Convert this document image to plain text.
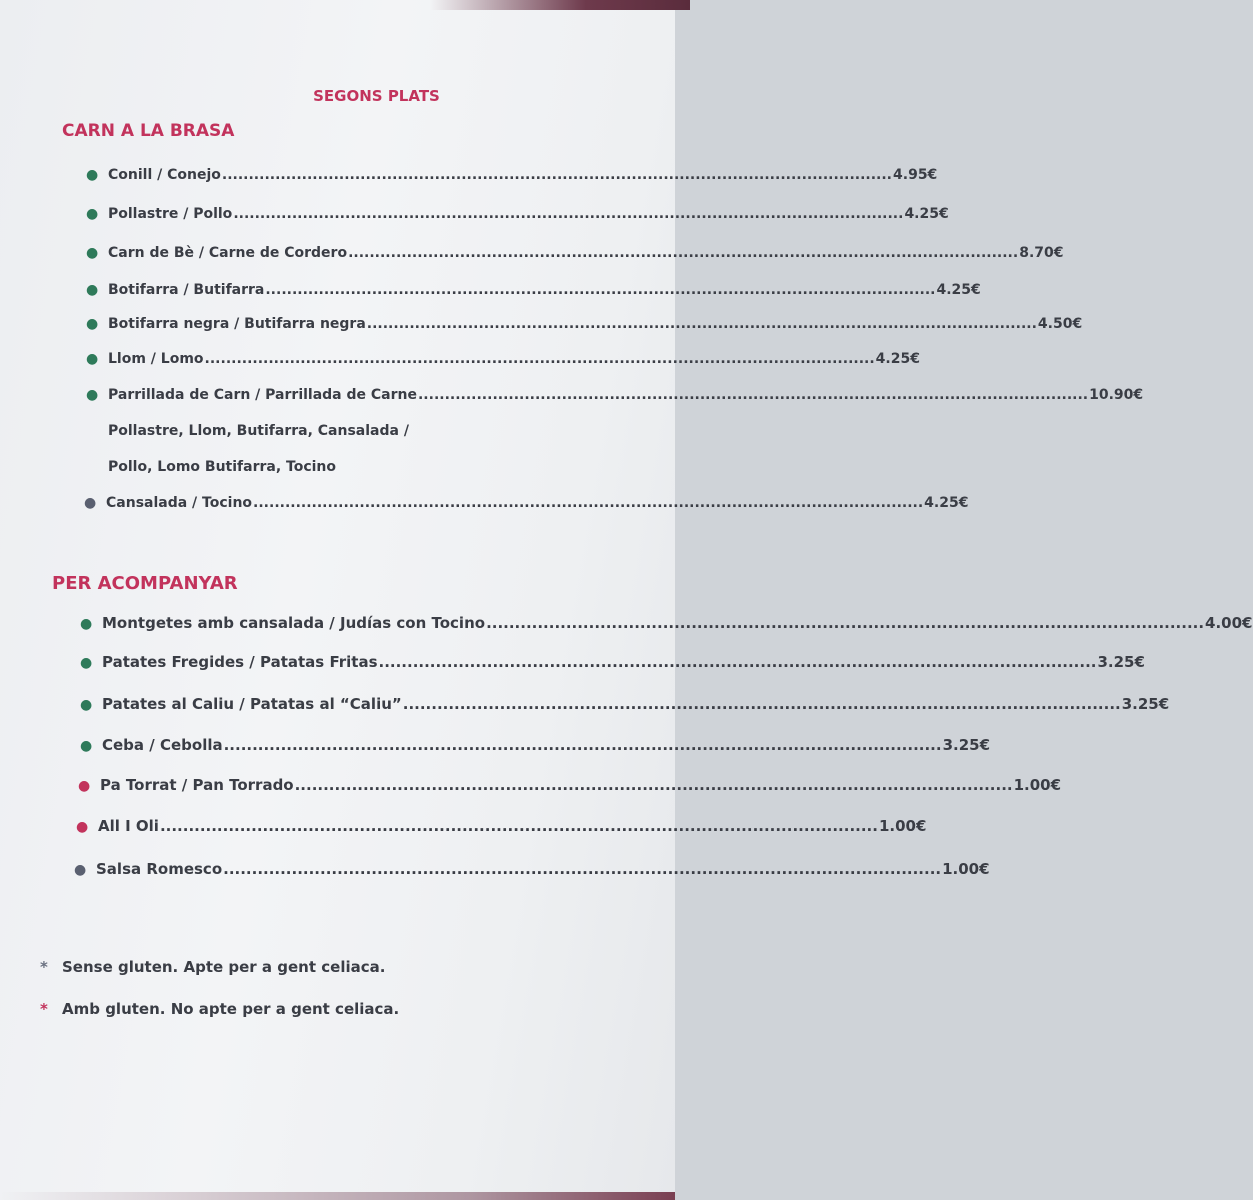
SEGONS PLATS
CARN A LA BRASA
● Conill / Conejo .............................................................................................................................. 4.95€
● Pollastre / Pollo .............................................................................................................................. 4.25€
● Carn de Bè / Carne de Cordero .............................................................................................................................. 8.70€
● Botifarra / Butifarra .............................................................................................................................. 4.25€
● Botifarra negra / Butifarra negra .............................................................................................................................. 4.50€
● Llom / Lomo .............................................................................................................................. 4.25€
● Parrillada de Carn / Parrillada de Carne .............................................................................................................................. 10.90€
Pollastre, Llom, Butifarra, Cansalada /
Pollo, Lomo Butifarra, Tocino
● Cansalada / Tocino .............................................................................................................................. 4.25€
PER ACOMPANYAR
● Montgetes amb cansalada / Judías con Tocino .............................................................................................................................. 4.00€
● Patates Fregides / Patatas Fritas .............................................................................................................................. 3.25€
● Patates al Caliu / Patatas al “Caliu” .............................................................................................................................. 3.25€
● Ceba / Cebolla .............................................................................................................................. 3.25€
● Pa Torrat / Pan Torrado .............................................................................................................................. 1.00€
● All I Oli .............................................................................................................................. 1.00€
● Salsa Romesco .............................................................................................................................. 1.00€
* Sense gluten. Apte per a gent celiaca.
* Amb gluten. No apte per a gent celiaca.
